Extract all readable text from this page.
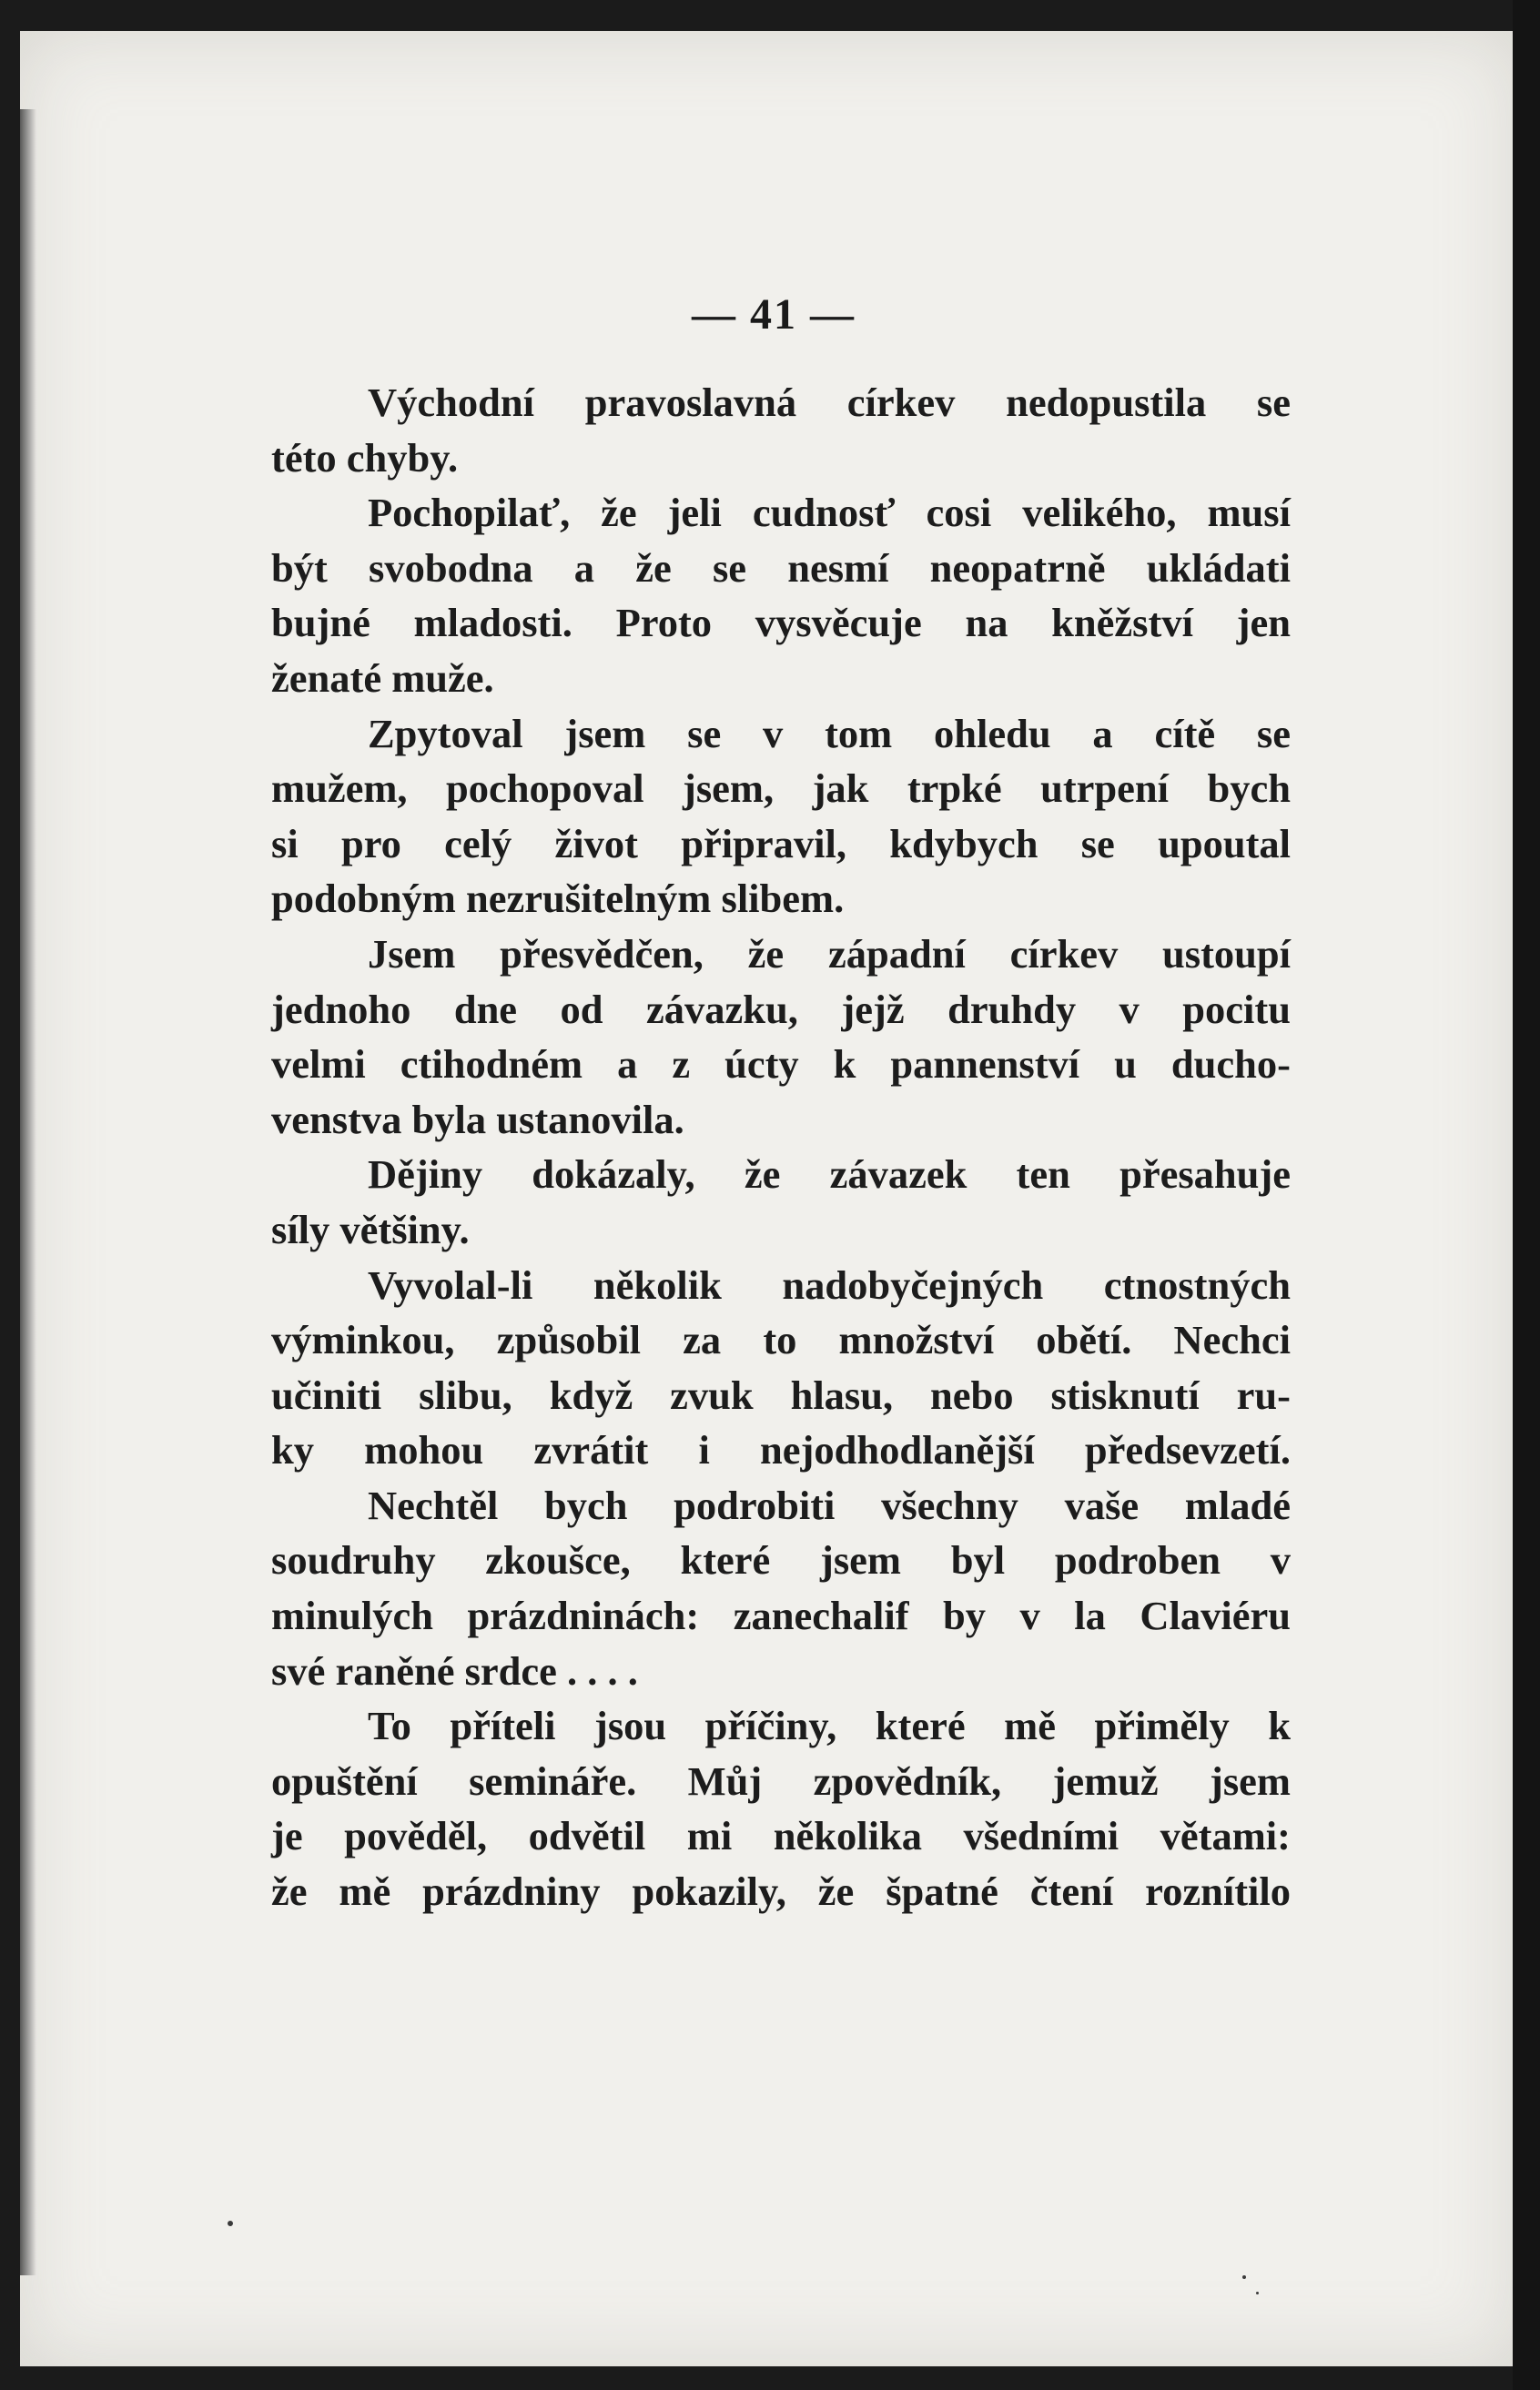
— 41 —
Východní pravoslavná církev nedopustila se
této chyby.
Pochopilať, že jeli cudnosť cosi velikého, musí
být svobodna a že se nesmí neopatrně ukládati
bujné mladosti. Proto vysvěcuje na kněžství jen
ženaté muže.
Zpytoval jsem se v tom ohledu a cítě se
mužem, pochopoval jsem, jak trpké utrpení bych
si pro celý život připravil, kdybych se upoutal
podobným nezrušitelným slibem.
Jsem přesvědčen, že západní církev ustoupí
jednoho dne od závazku, jejž druhdy v pocitu
velmi ctihodném a z úcty k pannenství u ducho-
venstva byla ustanovila.
Dějiny dokázaly, že závazek ten přesahuje
síly většiny.
Vyvolal-li několik nadobyčejných ctnostných
výminkou, způsobil za to množství obětí. Nechci
učiniti slibu, když zvuk hlasu, nebo stisknutí ru-
ky mohou zvrátit i nejodhodlanější předsevzetí.
Nechtěl bych podrobiti všechny vaše mladé
soudruhy zkoušce, které jsem byl podroben v
minulých prázdninách: zanechalif by v la Claviéru
své raněné srdce . . . .
To příteli jsou příčiny, které mě přiměly k
opuštění semináře. Můj zpovědník, jemuž jsem
je pověděl, odvětil mi několika všedními větami:
že mě prázdniny pokazily, že špatné čtení roznítilo
